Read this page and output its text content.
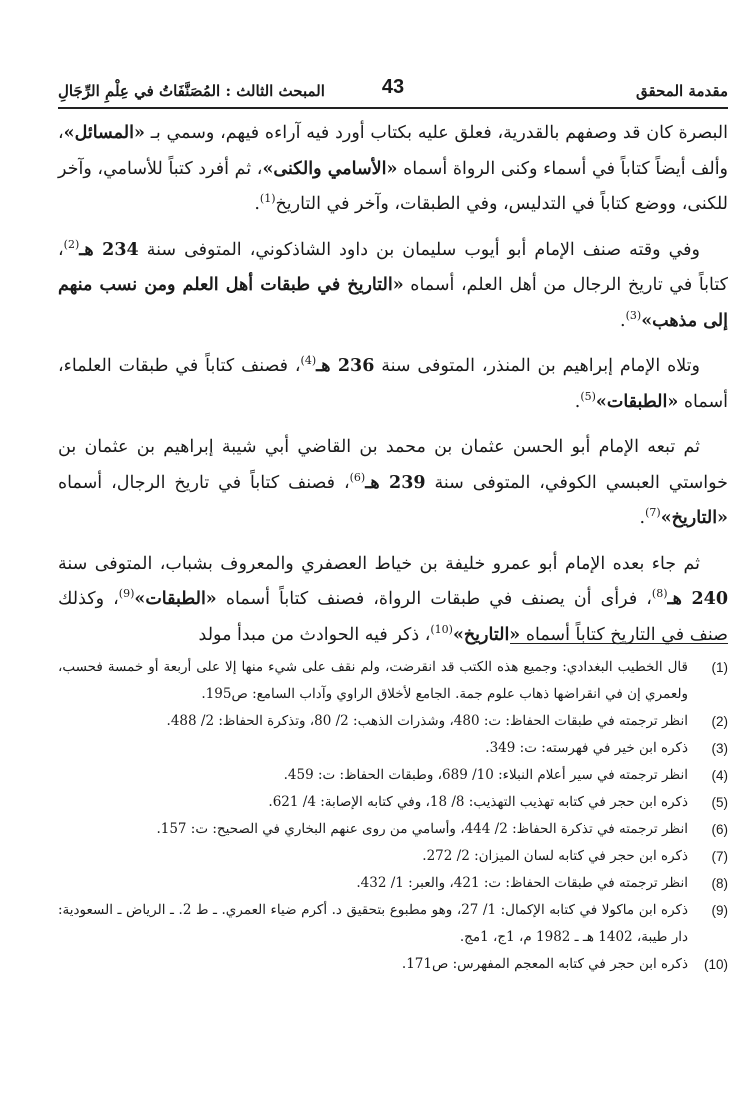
مقدمة المحقق
43
المبحث الثالث : المُصَنَّفَاتُ في عِلْمِ الرِّجَالِ

البصرة كان قد وصفهم بالقدرية، فعلق عليه بكتاب أورد فيه آراءه فيهم، وسمي بـ «المسائل»، وألف أيضاً كتاباً في أسماء وكنى الرواة أسماه «الأسامي والكنى»، ثم أفرد كتباً للأسامي، وآخر للكنى، ووضع كتاباً في التدليس، وفي الطبقات، وآخر في التاريخ$^{(1)}$.

وفي وقته صنف الإمام أبو أيوب سليمان بن داود الشاذكوني، المتوفى سنة 234 هـ$^{(2)}$، كتاباً في تاريخ الرجال من أهل العلم، أسماه «التاريخ في طبقات أهل العلم ومن نسب منهم إلى مذهب»$^{(3)}$.

وتلاه الإمام إبراهيم بن المنذر، المتوفى سنة 236 هـ$^{(4)}$، فصنف كتاباً في طبقات العلماء، أسماه «الطبقات»$^{(5)}$.

ثم تبعه الإمام أبو الحسن عثمان بن محمد بن القاضي أبي شيبة إبراهيم بن عثمان بن خواستي العبسي الكوفي، المتوفى سنة 239 هـ$^{(6)}$، فصنف كتاباً في تاريخ الرجال، أسماه «التاريخ»$^{(7)}$.

ثم جاء بعده الإمام أبو عمرو خليفة بن خياط العصفري والمعروف بشباب، المتوفى سنة 240 هـ$^{(8)}$، فرأى أن يصنف في طبقات الرواة، فصنف كتاباً أسماه «الطبقات»$^{(9)}$، وكذلك صنف في التاريخ كتاباً أسماه «التاريخ»$^{(10)}$، ذكر فيه الحوادث من مبدأ مولد

(1)
قال الخطيب البغدادي: وجميع هذه الكتب قد انقرضت، ولم نقف على شيء منها إلا على أربعة أو خمسة فحسب، ولعمري إن في انقراضها ذهاب علوم جمة. الجامع لأخلاق الراوي وآداب السامع: ص195.
(2)
انظر ترجمته في طبقات الحفاظ: ت: 480، وشذرات الذهب: 2/ 80، وتذكرة الحفاظ: 2/ 488.
(3)
ذكره ابن خير في فهرسته: ت: 349.
(4)
انظر ترجمته في سير أعلام النبلاء: 10/ 689، وطبقات الحفاظ: ت: 459.
(5)
ذكره ابن حجر في كتابه تهذيب التهذيب: 8/ 18، وفي كتابه الإصابة: 4/ 621.
(6)
انظر ترجمته في تذكرة الحفاظ: 2/ 444، وأسامي من روى عنهم البخاري في الصحيح: ت: 157.
(7)
ذكره ابن حجر في كتابه لسان الميزان: 2/ 272.
(8)
انظر ترجمته في طبقات الحفاظ: ت: 421، والعبر: 1/ 432.
(9)
ذكره ابن ماكولا في كتابه الإكمال: 1/ 27، وهو مطبوع بتحقيق د. أكرم ضياء العمري. ـ ط 2. ـ الرياض ـ السعودية: دار طيبة، 1402 هـ ـ 1982 م، 1ج، 1مج.
(10)
ذكره ابن حجر في كتابه المعجم المفهرس: ص171.
